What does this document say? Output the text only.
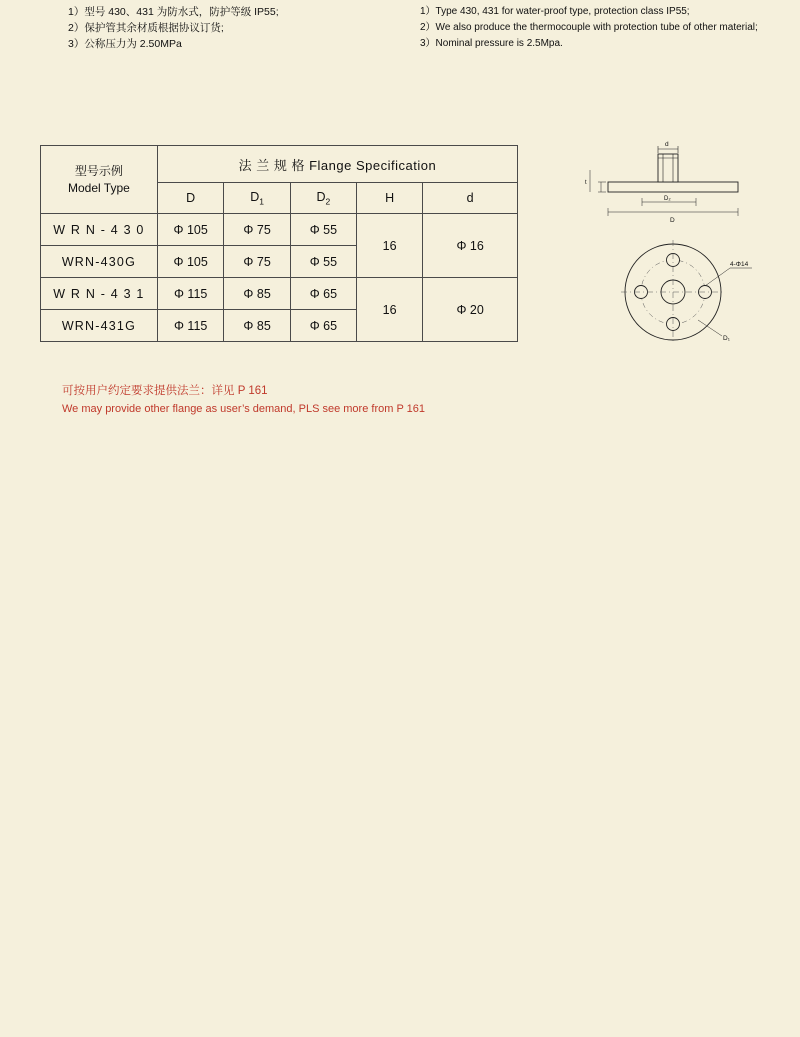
1）型号 430、431 为防水式，防护等级 IP55;
2）保护管其余材质根据协议订货;
3）公称压力为 2.50MPa
1）Type 430, 431 for water-proof type, protection class IP55;
2）We also produce the thermocouple with protection tube of other material;
3）Nominal pressure is 2.5Mpa.
型号示例
Model Type	法 兰 规 格 Flange Specification				
	D	$D_1$	$D_2$	H	d
W R N - 4 3 0	Φ 105	Φ 75	Φ 55	16	Φ 16
WRN-430G	Φ 105	Φ 75	Φ 55		
W R N - 4 3 1	Φ 115	Φ 85	Φ 65	16	Φ 20
WRN-431G	Φ 115	Φ 85	Φ 65		
d
t
D₂
D
4-Φ14
D₁
可按用户约定要求提供法兰：详见 P 161
We may provide other flange as user’s demand, PLS see more from P 161
